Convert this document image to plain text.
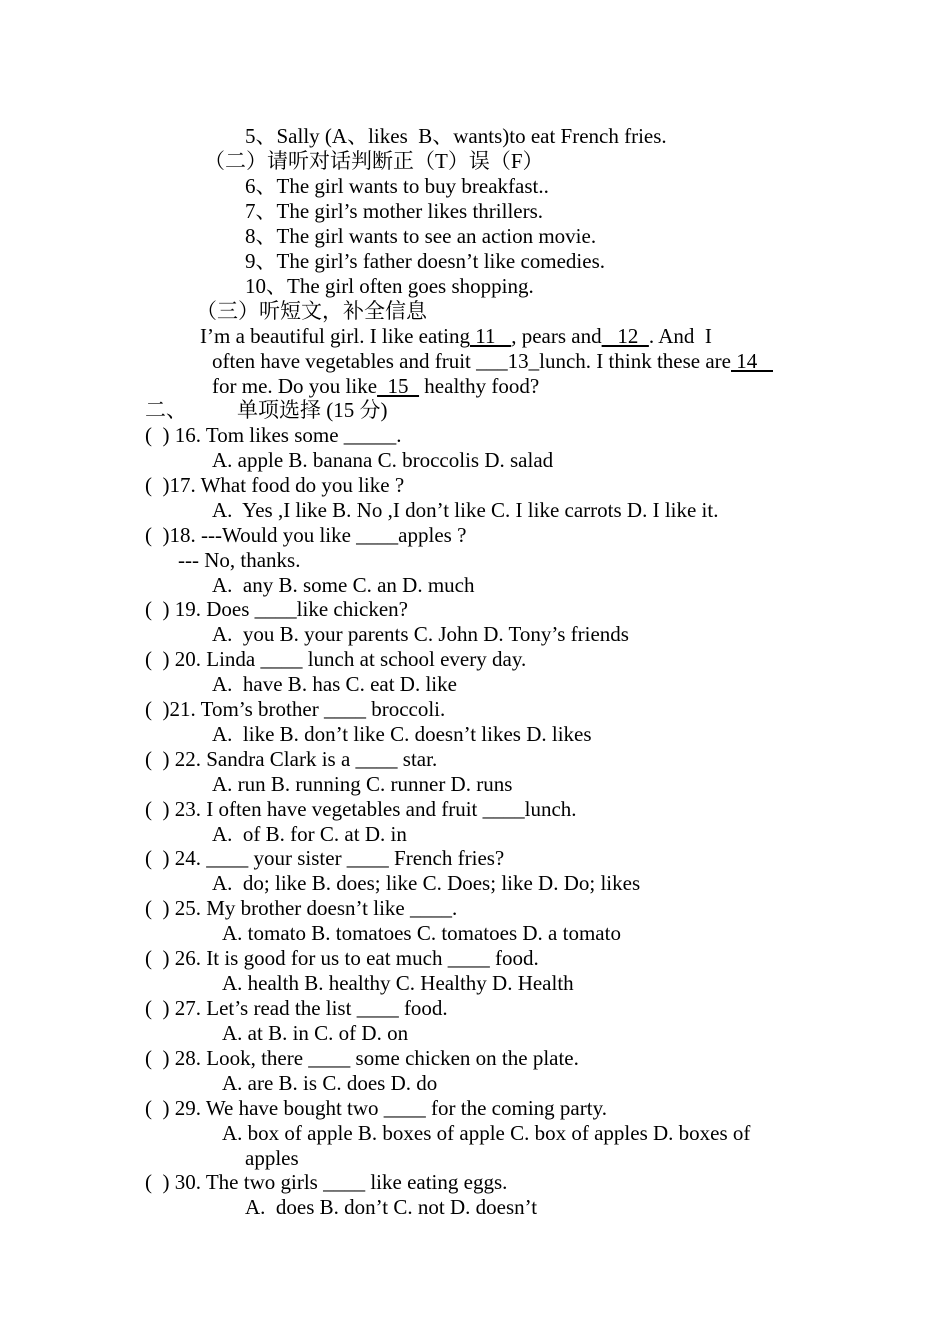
5、Sally (A、likes  B、wants)to eat French fries.
（二）请听对话判断正（T）误（F）
6、The girl wants to buy breakfast..
7、The girl’s mother likes thrillers.
8、The girl wants to see an action movie.
9、The girl’s father doesn’t like comedies.
10、The girl often goes shopping.
（三）听短文，补全信息
I’m a beautiful girl. I like eating 11   , pears and   12  . And  I
often have vegetables and fruit ___13_lunch. I think these are 14
for me. Do you like  15   healthy food?
二、 单项选择 (15 分)
(  ) 16. Tom likes some _____.
A. apple B. banana C. broccolis D. salad
(  )17. What food do you like ?
A.  Yes ,I like B. No ,I don’t like C. I like carrots D. I like it.
(  )18. ---Would you like ____apples ?
--- No, thanks.
A.  any B. some C. an D. much
(  ) 19. Does ____like chicken?
A.  you B. your parents C. John D. Tony’s friends
(  ) 20. Linda ____ lunch at school every day.
A.  have B. has C. eat D. like
(  )21. Tom’s brother ____ broccoli.
A.  like B. don’t like C. doesn’t likes D. likes
(  ) 22. Sandra Clark is a ____ star.
A. run B. running C. runner D. runs
(  ) 23. I often have vegetables and fruit ____lunch.
A.  of B. for C. at D. in
(  ) 24. ____ your sister ____ French fries?
A.  do; like B. does; like C. Does; like D. Do; likes
(  ) 25. My brother doesn’t like ____.
A. tomato B. tomatoes C. tomatoes D. a tomato
(  ) 26. It is good for us to eat much ____ food.
A. health B. healthy C. Healthy D. Health
(  ) 27. Let’s read the list ____ food.
A. at B. in C. of D. on
(  ) 28. Look, there ____ some chicken on the plate.
A. are B. is C. does D. do
(  ) 29. We have bought two ____ for the coming party.
A. box of apple B. boxes of apple C. box of apples D. boxes of
apples
(  ) 30. The two girls ____ like eating eggs.
A.  does B. don’t C. not D. doesn’t
